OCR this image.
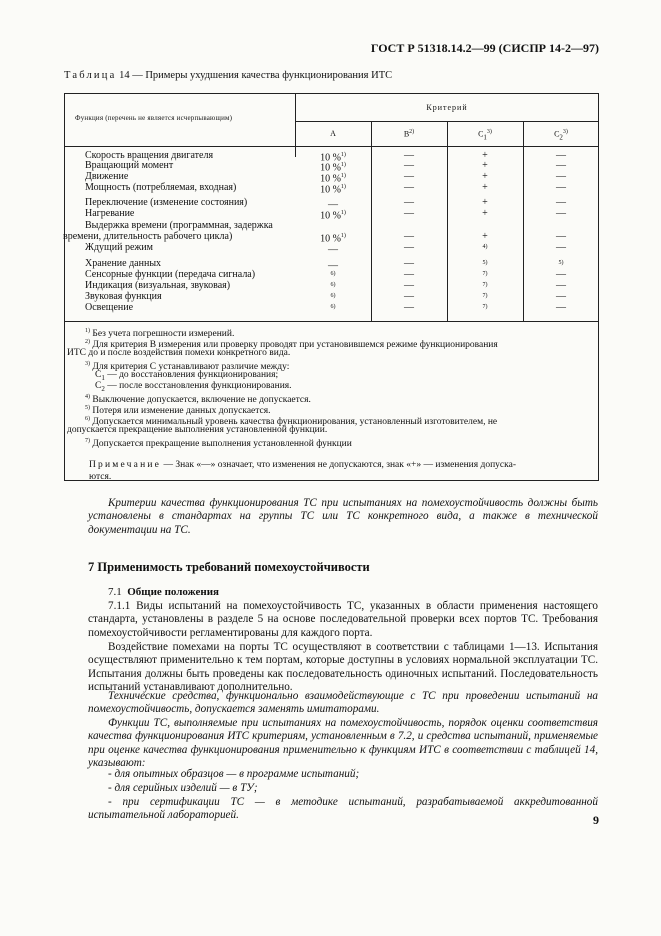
ГОСТ Р 51318.14.2—99 (СИСПР 14-2—97)
Таблица 14 — Примеры ухудшения качества функционирования ИТС
Функция (перечень не является исчерпывающим)
Критерий
A	$B^{2)}$	$C_1^{3)}$	$C_2^{3)}$
Скорость вращения двигателя	10 %$^{1)}$	—	+	—
Вращающий момент	10 %$^{1)}$	—	+	—
Движение	10 %$^{1)}$	—	+	—
Мощность (потребляемая, входная)	10 %$^{1)}$	—	+	—
Переключение (изменение состояния)	—	—	+	—
Нагревание	10 %$^{1)}$	—	+	—
Выдержка времени (программная, задержка
времени, длительность рабочего цикла)	10 %$^{1)}$	—	+	—
Ждущий режим	—	—	$^{4)}$	—
Хранение данных	—	—	$^{5)}$	$^{5)}$
Сенсорные функции (передача сигнала)	$^{6)}$	—	$^{7)}$	—
Индикация (визуальная, звуковая)	$^{6)}$	—	$^{7)}$	—
Звуковая функция	$^{6)}$	—	$^{7)}$	—
Освещение	$^{6)}$	—	$^{7)}$	—
$^{1)}$ Без учета погрешности измерений.
$^{2)}$ Для критерия В измерения или проверку проводят при установившемся режиме функционирования
ИТС до и после воздействия помехи конкретного вида.
$^{3)}$ Для критерия С устанавливают различие между:
$C_1$ — до восстановления функционирования;
$C_2$ — после восстановления функционирования.
$^{4)}$ Выключение допускается, включение не допускается.
$^{5)}$ Потеря или изменение данных допускается.
$^{6)}$ Допускается минимальный уровень качества функционирования, установленный изготовителем, не
допускается прекращение выполнения установленной функции.
$^{7)}$ Допускается прекращение выполнения установленной функции
Примечание — Знак «—» означает, что изменения не допускаются, знак «+» — изменения допуска-
ются.
Критерии качества функционирования ТС при испытаниях на помехоустойчивость должны быть установлены в стандартах на группы ТС или ТС конкретного вида, а также в технической документации на ТС.
7 Применимость требований помехоустойчивости
7.1 Общие положения
7.1.1 Виды испытаний на помехоустойчивость ТС, указанных в области применения настоящего стандарта, установлены в разделе 5 на основе последовательной проверки всех портов ТС. Требования помехоустойчивости регламентированы для каждого порта.
Воздействие помехами на порты ТС осуществляют в соответствии с таблицами 1—13. Испытания осуществляют применительно к тем портам, которые доступны в условиях нормальной эксплуатации ТС. Испытания должны быть проведены как последовательность одиночных испытаний. Последовательность испытаний устанавливают дополнительно.
Технические средства, функционально взаимодействующие с ТС при проведении испытаний на помехоустойчивость, допускается заменять имитаторами.
Функции ТС, выполняемые при испытаниях на помехоустойчивость, порядок оценки соответствия качества функционирования ИТС критериям, установленным в 7.2, и средства испытаний, применяемые при оценке качества функционирования применительно к функциям ИТС в соответствии с таблицей 14, указывают:
- для опытных образцов — в программе испытаний;
- для серийных изделий — в ТУ;
- при сертификации ТС — в методике испытаний, разрабатываемой аккредитованной испытательной лабораторией.	9
